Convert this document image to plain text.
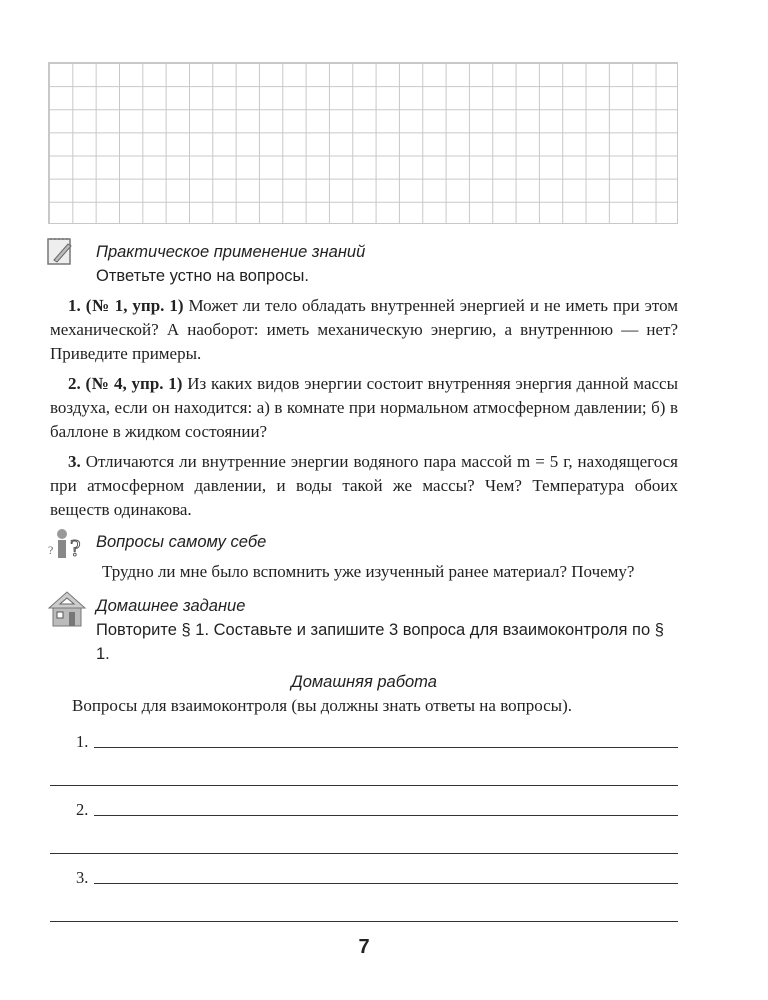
Практическое применение знаний
Ответьте устно на вопросы.
1. (№ 1, упр. 1) Может ли тело обладать внутренней энергией и не иметь при этом механической? А наоборот: иметь механическую энергию, а внутреннюю — нет? Приведите примеры.
2. (№ 4, упр. 1) Из каких видов энергии состоит внутренняя энергия данной массы воздуха, если он находится: а) в комнате при нормальном атмосферном давлении; б) в баллоне в жидком состоянии?
3. Отличаются ли внутренние энергии водяного пара массой m = 5 г, находящегося при атмосферном давлении, и воды такой же массы? Чем? Температура обоих веществ одинакова.
? ? Вопросы самому себе
Трудно ли мне было вспомнить уже изученный ранее материал? Почему?
Домашнее задание
Повторите § 1. Составьте и запишите 3 вопроса для взаимоконтроля по § 1.
Домашняя работа
Вопросы для взаимоконтроля (вы должны знать ответы на вопросы).
1.
2.
3.
7
